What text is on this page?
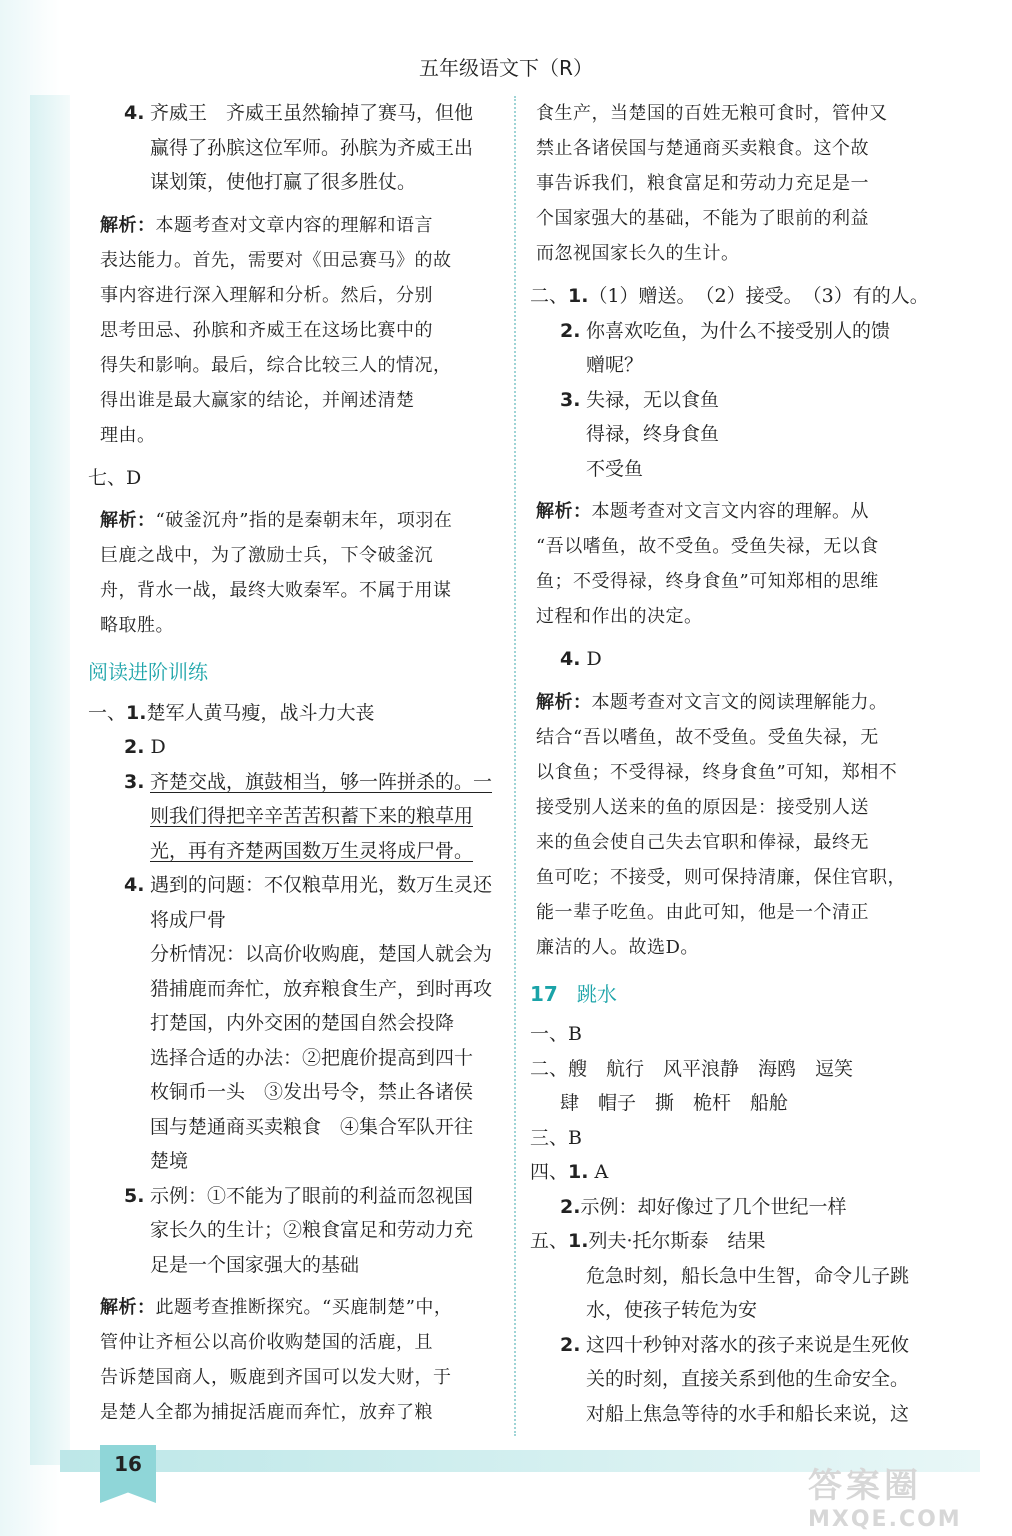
五年级语文下（R）
4. 齐威王　齐威王虽然输掉了赛马，但他
赢得了孙膑这位军师。孙膑为齐威王出
谋划策，使他打赢了很多胜仗。
解析：本题考查对文章内容的理解和语言
表达能力。首先，需要对《田忌赛马》的故
事内容进行深入理解和分析。然后，分别
思考田忌、孙膑和齐威王在这场比赛中的
得失和影响。最后，综合比较三人的情况，
得出谁是最大赢家的结论，并阐述清楚
理由。
七、D
解析：“破釜沉舟”指的是秦朝末年，项羽在
巨鹿之战中，为了激励士兵，下令破釜沉
舟，背水一战，最终大败秦军。不属于用谋
略取胜。
阅读进阶训练
一、1.楚军人黄马瘦，战斗力大丧
2. D
3. 齐楚交战，旗鼓相当，够一阵拼杀的。一
则我们得把辛辛苦苦积蓄下来的粮草用
光，再有齐楚两国数万生灵将成尸骨。
4. 遇到的问题：不仅粮草用光，数万生灵还
将成尸骨
分析情况：以高价收购鹿，楚国人就会为
猎捕鹿而奔忙，放弃粮食生产，到时再攻
打楚国，内外交困的楚国自然会投降
选择合适的办法：②把鹿价提高到四十
枚铜币一头　③发出号令，禁止各诸侯
国与楚通商买卖粮食　④集合军队开往
楚境
5. 示例：①不能为了眼前的利益而忽视国
家长久的生计；②粮食富足和劳动力充
足是一个国家强大的基础
解析：此题考查推断探究。“买鹿制楚”中，
管仲让齐桓公以高价收购楚国的活鹿，且
告诉楚国商人，贩鹿到齐国可以发大财，于
是楚人全都为捕捉活鹿而奔忙，放弃了粮
食生产，当楚国的百姓无粮可食时，管仲又
禁止各诸侯国与楚通商买卖粮食。这个故
事告诉我们，粮食富足和劳动力充足是一
个国家强大的基础，不能为了眼前的利益
而忽视国家长久的生计。
二、1.（1）赠送。　（2）接受。　（3）有的人。
2. 你喜欢吃鱼，为什么不接受别人的馈
赠呢？
3. 失禄，无以食鱼
得禄，终身食鱼
不受鱼
解析：本题考查对文言文内容的理解。从
“吾以嗜鱼，故不受鱼。受鱼失禄，无以食
鱼；不受得禄，终身食鱼”可知郑相的思维
过程和作出的决定。
4. D
解析：本题考查对文言文的阅读理解能力。
结合“吾以嗜鱼，故不受鱼。受鱼失禄，无
以食鱼；不受得禄，终身食鱼”可知，郑相不
接受别人送来的鱼的原因是：接受别人送
来的鱼会使自己失去官职和俸禄，最终无
鱼可吃；不接受，则可保持清廉，保住官职，
能一辈子吃鱼。由此可知，他是一个清正
廉洁的人。故选D。
17 跳水
一、B
二、艘　航行　风平浪静　海鸥　逗笑
肆　帽子　撕　桅杆　船舱
三、B
四、1. A
2.示例：却好像过了几个世纪一样
五、1.列夫·托尔斯泰　结果
危急时刻，船长急中生智，命令儿子跳
水，使孩子转危为安
2. 这四十秒钟对落水的孩子来说是生死攸
关的时刻，直接关系到他的生命安全。
对船上焦急等待的水手和船长来说，这
16
答案圈
MXQE.COM
